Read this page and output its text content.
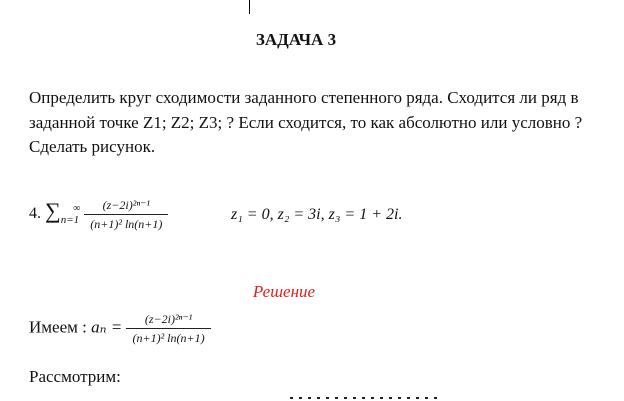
ЗАДАЧА 3
Определить круг сходимости заданного степенного ряда. Сходится ли ряд в заданной точке Z1; Z2; Z3; ? Если сходится, то как абсолютно или условно ? Сделать рисунок.
4. $\sum_{n=1}^\infty \frac{\text{(z−2i)²ⁿ⁻¹}}{\text{(n+1)² ln(n+1)}}$	z₁ = 0, z₂ = 3i, z₃ = 1 + 2i.
Решение
Имеем : $a_n = \frac{\text{(z−2i)²ⁿ⁻¹}}{\text{(n+1)² ln(n+1)}}$
Рассмотрим:
